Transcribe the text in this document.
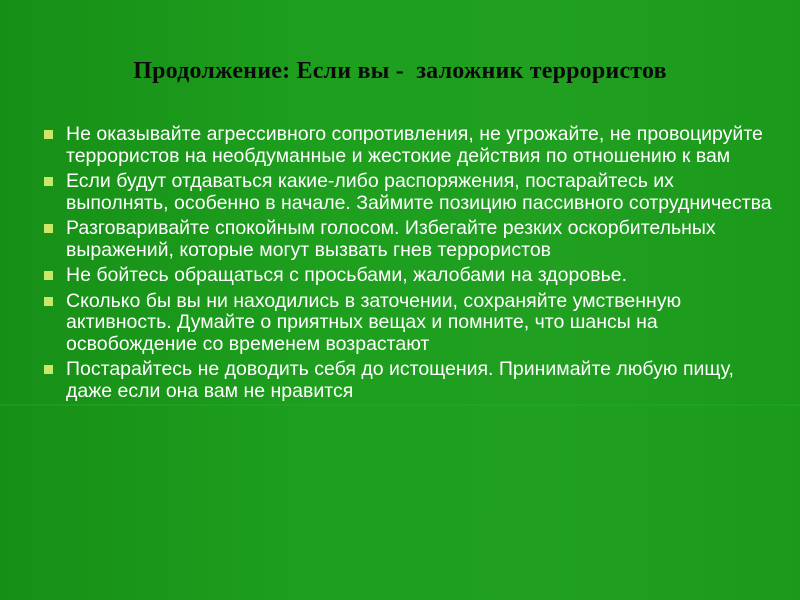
Продолжение: Если вы -  заложник террористов
Не оказывайте агрессивного сопротивления, не угрожайте, не провоцируйте террористов на необдуманные и жестокие действия по отношению к вам
Если будут отдаваться какие-либо распоряжения, постарайтесь их выполнять, особенно в начале. Займите позицию пассивного сотрудничества
Разговаривайте спокойным голосом. Избегайте резких оскорбительных выражений, которые могут вызвать гнев террористов
Не бойтесь обращаться с просьбами, жалобами на здоровье.
Сколько бы вы ни находились в заточении, сохраняйте умственную активность. Думайте о приятных вещах и помните, что шансы на освобождение со временем возрастают
Постарайтесь не доводить себя до истощения. Принимайте любую пищу, даже если она вам не нравится
